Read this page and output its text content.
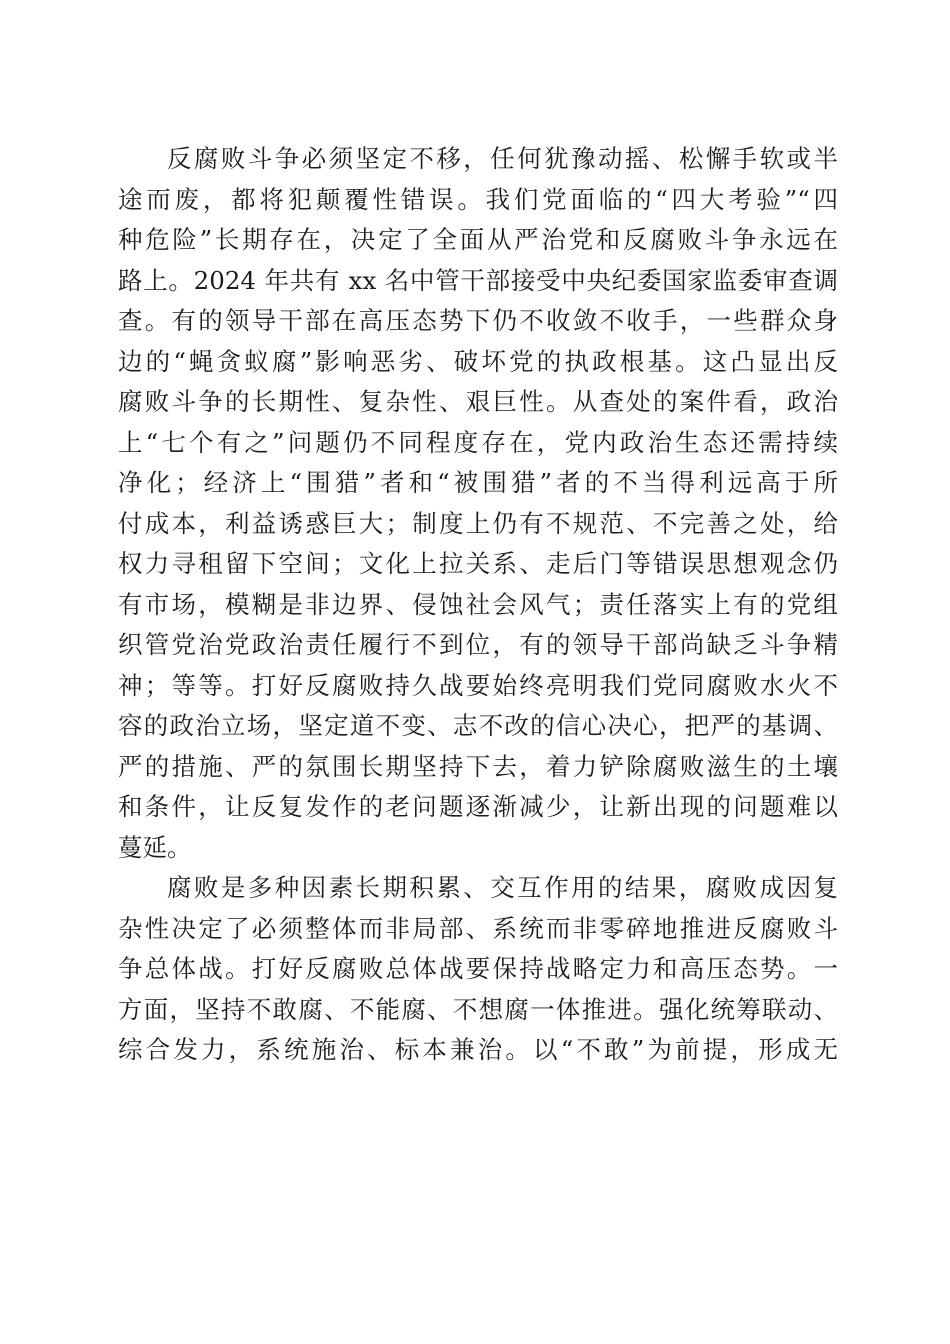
反腐败斗争必须坚定不移，任何犹豫动摇、松懈手软或半
途而废，都将犯颠覆性错误。我们党面临的“四大考验”“四
种危险”长期存在，决定了全面从严治党和反腐败斗争永远在
路上。2024 年共有 xx 名中管干部接受中央纪委国家监委审查调
查。有的领导干部在高压态势下仍不收敛不收手，一些群众身
边的“蝇贪蚁腐”影响恶劣、破坏党的执政根基。这凸显出反
腐败斗争的长期性、复杂性、艰巨性。从查处的案件看，政治
上“七个有之”问题仍不同程度存在，党内政治生态还需持续
净化；经济上“围猎”者和“被围猎”者的不当得利远高于所
付成本，利益诱惑巨大；制度上仍有不规范、不完善之处，给
权力寻租留下空间；文化上拉关系、走后门等错误思想观念仍
有市场，模糊是非边界、侵蚀社会风气；责任落实上有的党组
织管党治党政治责任履行不到位，有的领导干部尚缺乏斗争精
神；等等。打好反腐败持久战要始终亮明我们党同腐败水火不
容的政治立场，坚定道不变、志不改的信心决心，把严的基调、
严的措施、严的氛围长期坚持下去，着力铲除腐败滋生的土壤
和条件，让反复发作的老问题逐渐减少，让新出现的问题难以
蔓延。
腐败是多种因素长期积累、交互作用的结果，腐败成因复
杂性决定了必须整体而非局部、系统而非零碎地推进反腐败斗
争总体战。打好反腐败总体战要保持战略定力和高压态势。一
方面，坚持不敢腐、不能腐、不想腐一体推进。强化统筹联动、
综合发力，系统施治、标本兼治。以“不敢”为前提，形成无
